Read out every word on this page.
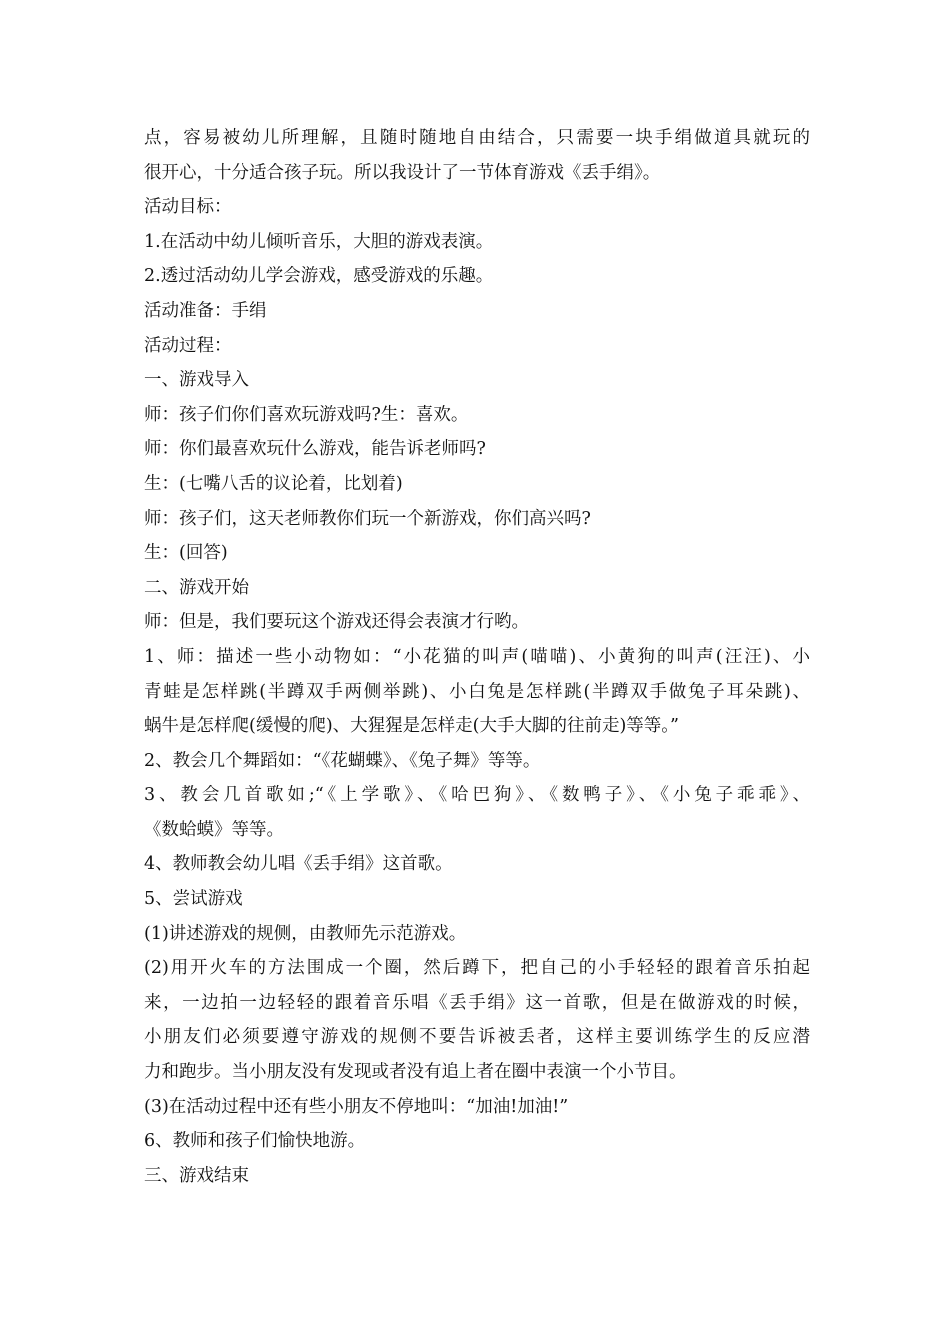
点，容易被幼儿所理解，且随时随地自由结合，只需要一块手绢做道具就玩的
很开心，十分适合孩子玩。所以我设计了一节体育游戏《丢手绢》。
活动目标：
1.在活动中幼儿倾听音乐，大胆的游戏表演。
2.透过活动幼儿学会游戏，感受游戏的乐趣。
活动准备：手绢
活动过程：
一、游戏导入
师：孩子们你们喜欢玩游戏吗?生：喜欢。
师：你们最喜欢玩什么游戏，能告诉老师吗?
生：(七嘴八舌的议论着，比划着)
师：孩子们，这天老师教你们玩一个新游戏，你们高兴吗?
生：(回答)
二、游戏开始
师：但是，我们要玩这个游戏还得会表演才行哟。
1、师：描述一些小动物如：“小花猫的叫声(喵喵)、小黄狗的叫声(汪汪)、小
青蛙是怎样跳(半蹲双手两侧举跳)、小白兔是怎样跳(半蹲双手做兔子耳朵跳)、
蜗牛是怎样爬(缓慢的爬)、大猩猩是怎样走(大手大脚的往前走)等等。”
2、教会几个舞蹈如：“《花蝴蝶》、《兔子舞》等等。
3、教会几首歌如;“《上学歌》、《哈巴狗》、《数鸭子》、《小兔子乖乖》、
《数蛤蟆》等等。
4、教师教会幼儿唱《丢手绢》这首歌。
5、尝试游戏
(1)讲述游戏的规侧，由教师先示范游戏。
(2)用开火车的方法围成一个圈，然后蹲下，把自己的小手轻轻的跟着音乐拍起
来，一边拍一边轻轻的跟着音乐唱《丢手绢》这一首歌，但是在做游戏的时候，
小朋友们必须要遵守游戏的规侧不要告诉被丢者，这样主要训练学生的反应潜
力和跑步。当小朋友没有发现或者没有追上者在圈中表演一个小节目。
(3)在活动过程中还有些小朋友不停地叫：“加油!加油!”
6、教师和孩子们愉快地游。
三、游戏结束
